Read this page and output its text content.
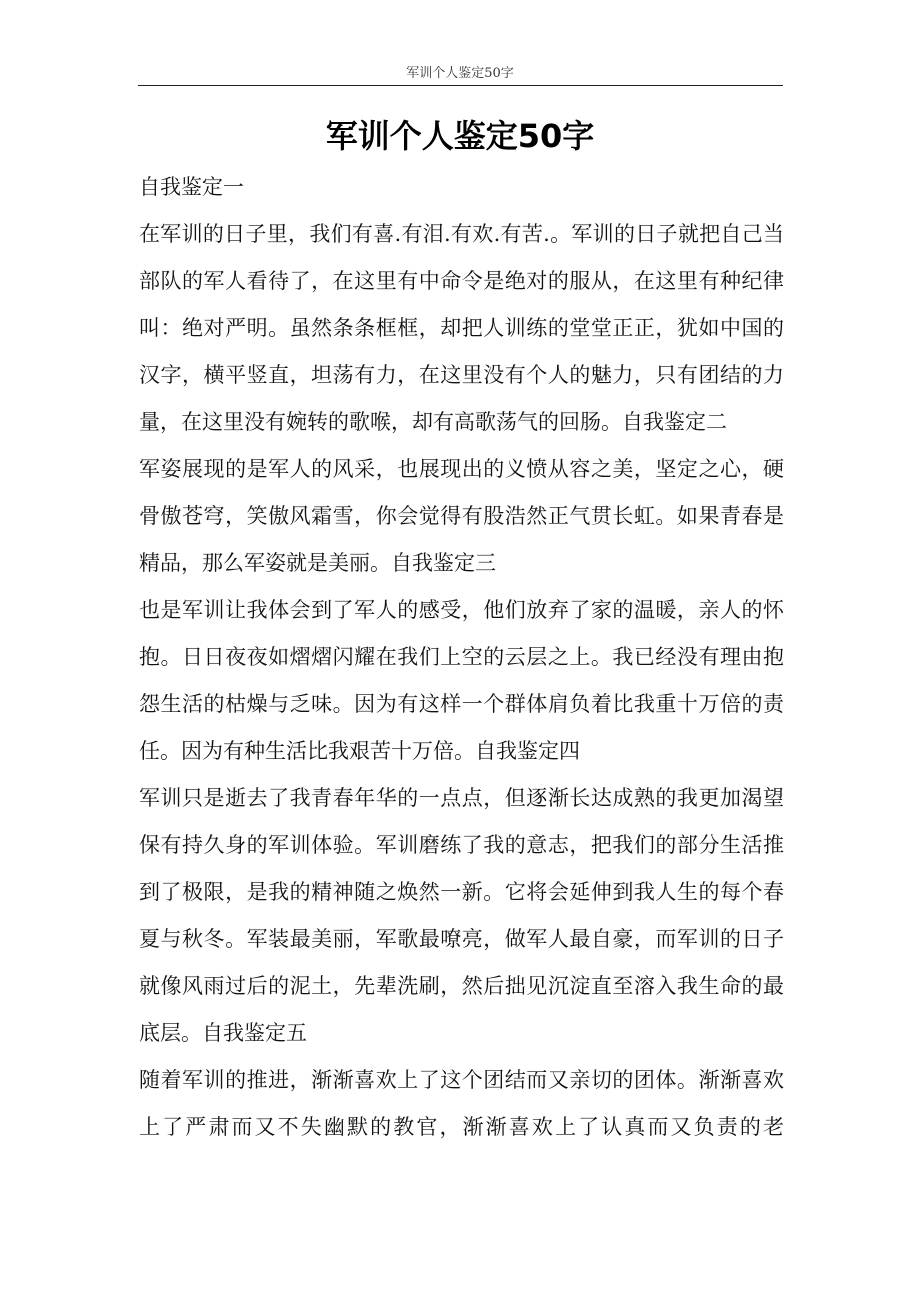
军训个人鉴定50字
军训个人鉴定50字

自我鉴定一

在军训的日子里，我们有喜.有泪.有欢.有苦.。军训的日子就把自己当

部队的军人看待了，在这里有中命令是绝对的服从，在这里有种纪律

叫：绝对严明。虽然条条框框，却把人训练的堂堂正正，犹如中国的

汉字，横平竖直，坦荡有力，在这里没有个人的魅力，只有团结的力

量，在这里没有婉转的歌喉，却有高歌荡气的回肠。自我鉴定二

军姿展现的是军人的风采，也展现出的义愤从容之美，坚定之心，硬

骨傲苍穹，笑傲风霜雪，你会觉得有股浩然正气贯长虹。如果青春是

精品，那么军姿就是美丽。自我鉴定三

也是军训让我体会到了军人的感受，他们放弃了家的温暖，亲人的怀

抱。日日夜夜如熠熠闪耀在我们上空的云层之上。我已经没有理由抱

怨生活的枯燥与乏味。因为有这样一个群体肩负着比我重十万倍的责

任。因为有种生活比我艰苦十万倍。自我鉴定四

军训只是逝去了我青春年华的一点点，但逐渐长达成熟的我更加渴望

保有持久身的军训体验。军训磨练了我的意志，把我们的部分生活推

到了极限，是我的精神随之焕然一新。它将会延伸到我人生的每个春

夏与秋冬。军装最美丽，军歌最嘹亮，做军人最自豪，而军训的日子

就像风雨过后的泥土，先辈洗刷，然后拙见沉淀直至溶入我生命的最

底层。自我鉴定五

随着军训的推进，渐渐喜欢上了这个团结而又亲切的团体。渐渐喜欢

上了严肃而又不失幽默的教官，渐渐喜欢上了认真而又负责的老
